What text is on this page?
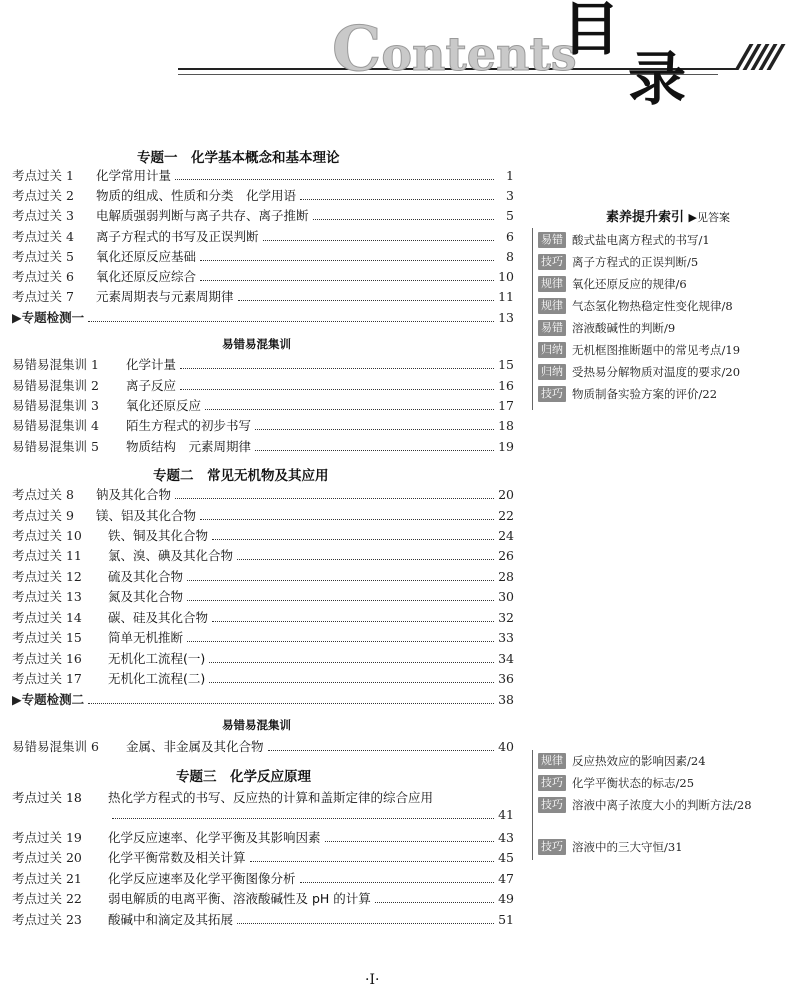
Contents
目
录
专题一　化学基本概念和基本理论
考点过关 1	化学常用计量	1
考点过关 2	物质的组成、性质和分类　化学用语	3
考点过关 3	电解质强弱判断与离子共存、离子推断	5
考点过关 4	离子方程式的书写及正误判断	6
考点过关 5	氧化还原反应基础	8
考点过关 6	氧化还原反应综合	10
考点过关 7	元素周期表与元素周期律	11
▶专题检测一	13
易错易混集训
易错易混集训 1	化学计量	15
易错易混集训 2	离子反应	16
易错易混集训 3	氧化还原反应	17
易错易混集训 4	陌生方程式的初步书写	18
易错易混集训 5	物质结构　元素周期律	19
专题二　常见无机物及其应用
考点过关 8	钠及其化合物	20
考点过关 9	镁、铝及其化合物	22
考点过关 10	铁、铜及其化合物	24
考点过关 11	氯、溴、碘及其化合物	26
考点过关 12	硫及其化合物	28
考点过关 13	氮及其化合物	30
考点过关 14	碳、硅及其化合物	32
考点过关 15	简单无机推断	33
考点过关 16	无机化工流程(一)	34
考点过关 17	无机化工流程(二)	36
▶专题检测二	38
易错易混集训
易错易混集训 6	金属、非金属及其化合物	40
专题三　化学反应原理
考点过关 18 热化学方程式的书写、反应热的计算和盖斯定律的综合应用
41
考点过关 19	化学反应速率、化学平衡及其影响因素	43
考点过关 20	化学平衡常数及相关计算	45
考点过关 21	化学反应速率及化学平衡图像分析	47
考点过关 22	弱电解质的电离平衡、溶液酸碱性及 pH 的计算	49
考点过关 23	酸碱中和滴定及其拓展	51
素养提升索引 ▶见答案
易错 酸式盐电离方程式的书写/1
技巧 离子方程式的正误判断/5
规律 氧化还原反应的规律/6
规律 气态氢化物热稳定性变化规律/8
易错 溶液酸碱性的判断/9
归纳 无机框图推断题中的常见考点/19
归纳 受热易分解物质对温度的要求/20
技巧 物质制备实验方案的评价/22
规律 反应热效应的影响因素/24
技巧 化学平衡状态的标志/25
技巧 溶液中离子浓度大小的判断方法/28
技巧 溶液中的三大守恒/31
·I·
